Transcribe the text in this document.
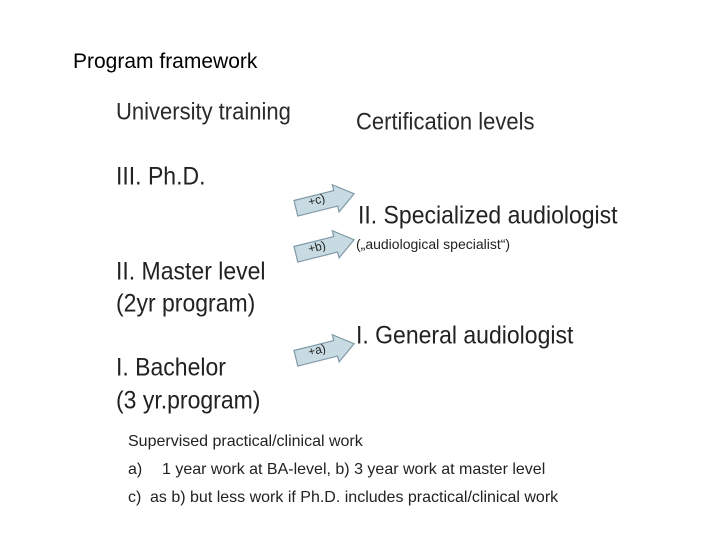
Program framework
University training
III. Ph.D.
II. Master level
(2yr program)
I. Bachelor
(3 yr.program)
Certification levels
II. Specialized audiologist
(„audiological specialist“)
I. General audiologist
+c)
+b)
+a)
Supervised practical/clinical work
a) 1 year work at BA-level, b) 3 year work at master level
c) as b) but less work if Ph.D. includes practical/clinical work
